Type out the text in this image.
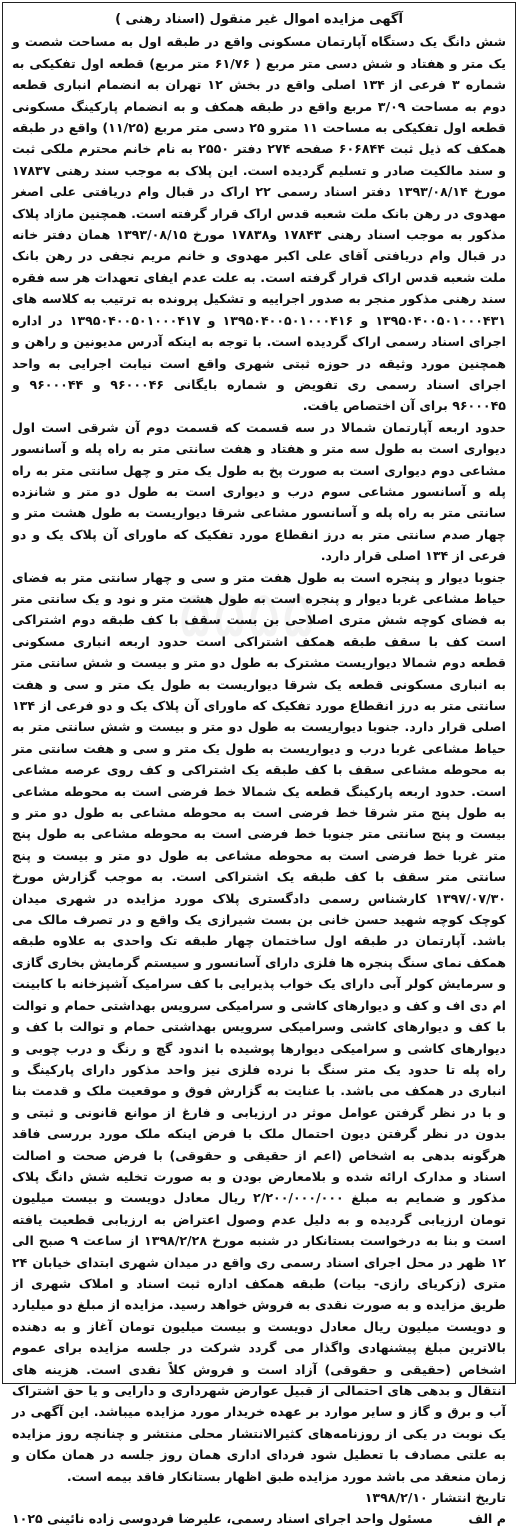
۵۵۵۵
آگهی مزایده اموال غیر منقول (اسناد رهنی )

شش دانگ یک دستگاه آپارتمان مسکونی واقع در طبقه اول به مساحت شصت و یک متر و هفتاد و شش دسی متر مربع ( ۶۱/۷۶ متر مربع) قطعه اول تفکیکی به شماره ۳ فرعی از ۱۳۴ اصلی واقع در بخش ۱۲ تهران به انضمام انباری قطعه دوم به مساحت ۳/۰۹ مربع واقع در طبقه همکف و به انضمام پارکینگ مسکونی قطعه اول تفکیکی به مساحت ۱۱ مترو ۲۵ دسی متر مربع (۱۱/۲۵) واقع در طبقه همکف که ذیل ثبت ۶۰۶۸۴۴ صفحه ۲۷۴ دفتر ۲۵۵۰ به نام خانم محترم ملکی ثبت و سند مالکیت صادر و تسلیم گردیده است. این پلاک به موجب سند رهنی ۱۷۸۳۷ مورخ ۱۳۹۳/۰۸/۱۴ دفتر اسناد رسمی ۲۲ اراک در قبال وام دریافتی علی اصغر مهدوی در رهن بانک ملت شعبه قدس اراک قرار گرفته است. همچنین مازاد پلاک مذکور به موجب اسناد رهنی ۱۷۸۴۳ و۱۷۸۳۸ مورخ ۱۳۹۳/۰۸/۱۵ همان دفتر خانه در قبال وام دریافتی آقای علی اکبر مهدوی و خانم مریم نجفی در رهن بانک ملت شعبه قدس اراک قرار گرفته است. به علت عدم ایفای تعهدات هر سه فقره سند رهنی مذکور منجر به صدور اجراییه و تشکیل پرونده به ترتیب به کلاسه های ۱۳۹۵۰۴۰۰۵۰۱۰۰۰۴۳۱ و ۱۳۹۵۰۴۰۰۵۰۱۰۰۰۴۱۶ و ۱۳۹۵۰۴۰۰۵۰۱۰۰۰۴۱۷ در اداره اجرای اسناد رسمی اراک گردیده است. با توجه به اینکه آدرس مدیونین و راهن و همچنین مورد وثیقه در حوزه ثبتی شهری واقع است نیابت اجرایی به واحد اجرای اسناد رسمی ری تفویض و شماره بایگانی ۹۶۰۰۰۴۶ و ۹۶۰۰۰۴۴ و ۹۶۰۰۰۴۵ برای آن اختصاص یافت.

حدود اربعه آپارتمان شمالا در سه قسمت که قسمت دوم آن شرقی است اول دیواری است به طول سه متر و هفتاد و هفت سانتی متر به راه پله و آسانسور مشاعی دوم دیواری است به صورت پخ به طول یک متر و چهل سانتی متر به راه پله و آسانسور مشاعی سوم درب و دیواری است به طول دو متر و شانزده سانتی متر به راه پله و آسانسور مشاعی شرقا دیواریست به طول هشت متر و چهار صدم سانتی متر به درز انقطاع مورد تفکیک که ماورای آن پلاک یک و دو فرعی از ۱۳۴ اصلی قرار دارد.

جنوبا دیوار و پنجره است به طول هفت متر و سی و چهار سانتی متر به فضای حیاط مشاعی غربا دیوار و پنجره است به طول هشت متر و نود و یک سانتی متر به فضای کوچه شش متری اصلاحی بن بست سقف با کف طبقه دوم اشتراکی است کف با سقف طبقه همکف اشتراکی است حدود اربعه انباری مسکونی قطعه دوم شمالا دیواریست مشترک به طول دو متر و بیست و شش سانتی متر به انباری مسکونی قطعه یک شرقا دیواریست به طول یک متر و سی و هفت سانتی متر به درز انقطاع مورد تفکیک که ماورای آن پلاک یک و دو فرعی از ۱۳۴ اصلی قرار دارد. جنوبا دیواریست به طول دو متر و بیست و شش سانتی متر به حیاط مشاعی غربا درب و دیواریست به طول یک متر و سی و هفت سانتی متر به محوطه مشاعی سقف با کف طبقه یک اشتراکی و کف روی عرصه مشاعی است. حدود اربعه پارکینگ قطعه یک شمالا خط فرضی است به محوطه مشاعی به طول پنج متر شرقا خط فرضی است به محوطه مشاعی به طول دو متر و بیست و پنج سانتی متر جنوبا خط فرضی است به محوطه مشاعی به طول پنج متر غربا خط فرضی است به محوطه مشاعی به طول دو متر و بیست و پنج سانتی متر سقف با کف طبقه یک اشتراکی است. به موجب گزارش مورخ ۱۳۹۷/۰۷/۳۰ کارشناس رسمی دادگستری پلاک مورد مزایده در شهری میدان کوچک کوچه شهید حسن خانی بن بست شیرازی یک واقع و در تصرف مالک می باشد. آپارتمان در طبقه اول ساختمان چهار طبقه تک واحدی به علاوه طبقه همکف نمای سنگ پنجره ها فلزی دارای آسانسور و سیستم گرمایش بخاری گازی و سرمایش کولر آبی دارای یک خواب پذیرایی با کف سرامیک آشپزخانه با کابینت ام دی اف و کف و دیوارهای کاشی و سرامیکی سرویس بهداشتی حمام و توالت با کف و دیوارهای کاشی وسرامیکی سرویس بهداشتی حمام و توالت با کف و دیوارهای کاشی و سرامیکی دیوارها پوشیده با اندود گچ و رنگ و درب چوبی و راه پله تا حدود یک متر سنگ با نرده فلزی نیز واحد مذکور دارای پارکینگ و انباری در همکف می باشد. با عنایت به گزارش فوق و موقعیت ملک و قدمت بنا و با در نظر گرفتن عوامل موثر در ارزیابی و فارغ از موانع قانونی و ثبتی و بدون در نظر گرفتن دیون احتمال ملک با فرض اینکه ملک مورد بررسی فاقد هرگونه بدهی به اشخاص (اعم از حقیقی و حقوقی) با فرض صحت و اصالت اسناد و مدارک ارائه شده و بلامعارض بودن و به صورت تخلیه شش دانگ پلاک مذکور و ضمایم به مبلغ ۲/۲۰۰/۰۰۰/۰۰۰ ریال معادل دویست و بیست میلیون تومان ارزیابی گردیده و به دلیل عدم وصول اعتراض به ارزیابی قطعیت یافته است و بنا به درخواست بستانکار در شنبه مورخ ۱۳۹۸/۲/۲۸ از ساعت ۹ صبح الی ۱۲ ظهر در محل اجرای اسناد رسمی ری واقع در میدان شهری ابتدای خیابان ۲۴ متری (زکریای رازی- بیات) طبقه همکف اداره ثبت اسناد و املاک شهری از طریق مزایده و به صورت نقدی به فروش خواهد رسید. مزایده از مبلغ دو میلیارد و دویست میلیون ریال معادل دویست و بیست میلیون تومان آغاز و به دهنده بالاترین مبلغ پیشنهادی واگذار می گردد شرکت در جلسه مزایده برای عموم اشخاص (حقیقی و حقوقی) آزاد است و فروش کلاً نقدی است. هزینه های انتقال و بدهی های احتمالی از قبیل عوارض شهرداری و دارایی و یا حق اشتراک آب و برق و گاز و سایر موارد بر عهده خریدار مورد مزایده میباشد. این آگهی در یک نوبت در یکی از روزنامه‌های کثیرالانتشار محلی منتشر و چنانچه روز مزایده به علتی مصادف با تعطیل شود فردای اداری همان روز جلسه در همان مکان و زمان منعقد می باشد مورد مزایده طبق اظهار بستانکار فاقد بیمه است.

تاریخ انتشار ۱۳۹۸/۲/۱۰

م الف
مسئول واحد اجرای اسناد رسمی، علیرضا فردوسی زاده نائینی ۱۰۲۵
